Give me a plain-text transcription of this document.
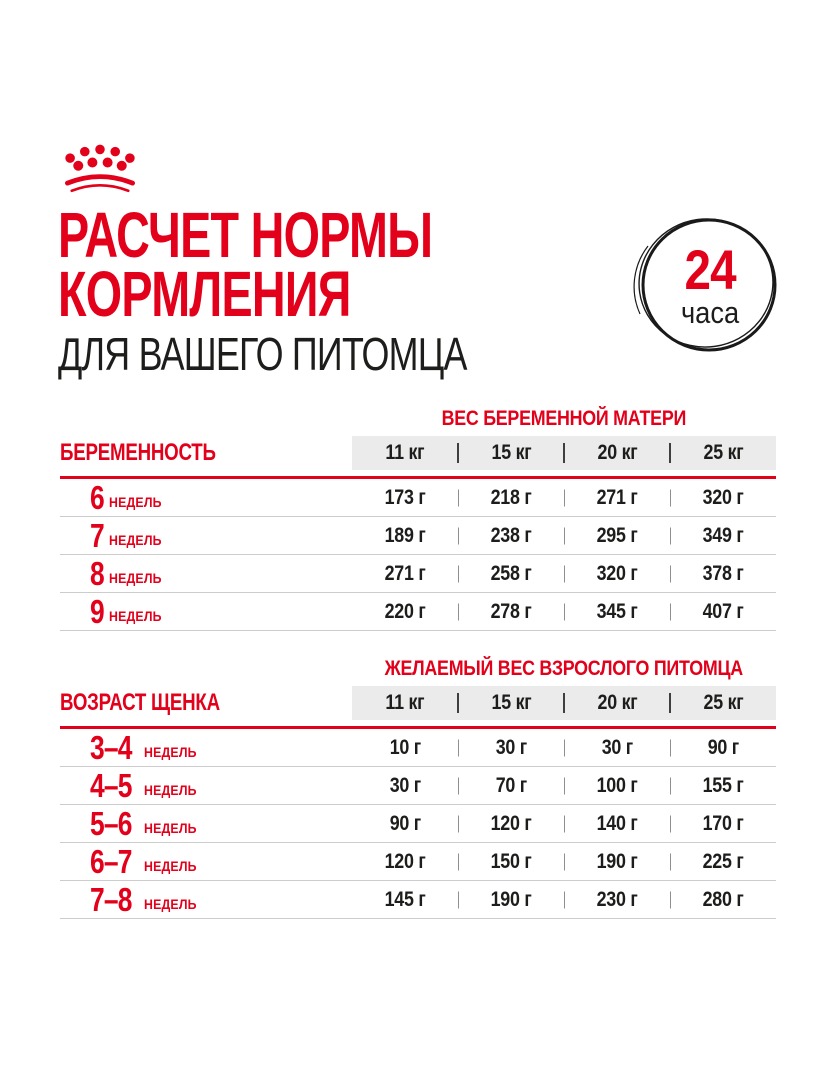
РАСЧЕТ НОРМЫ
КОРМЛЕНИЯ
ДЛЯ ВАШЕГО ПИТОМЦА
24
часа
ВЕС БЕРЕМЕННОЙ МАТЕРИ
БЕРЕМЕННОСТЬ	11 кг	15 кг	20 кг	25 кг
6 НЕДЕЛЬ	173 г	218 г	271 г	320 г
7 НЕДЕЛЬ	189 г	238 г	295 г	349 г
8 НЕДЕЛЬ	271 г	258 г	320 г	378 г
9 НЕДЕЛЬ	220 г	278 г	345 г	407 г
ЖЕЛАЕМЫЙ ВЕС ВЗРОСЛОГО ПИТОМЦА
ВОЗРАСТ ЩЕНКА	11 кг	15 кг	20 кг	25 кг
3–4 НЕДЕЛЬ	10 г	30 г	30 г	90 г
4–5 НЕДЕЛЬ	30 г	70 г	100 г	155 г
5–6 НЕДЕЛЬ	90 г	120 г	140 г	170 г
6–7 НЕДЕЛЬ	120 г	150 г	190 г	225 г
7–8 НЕДЕЛЬ	145 г	190 г	230 г	280 г
